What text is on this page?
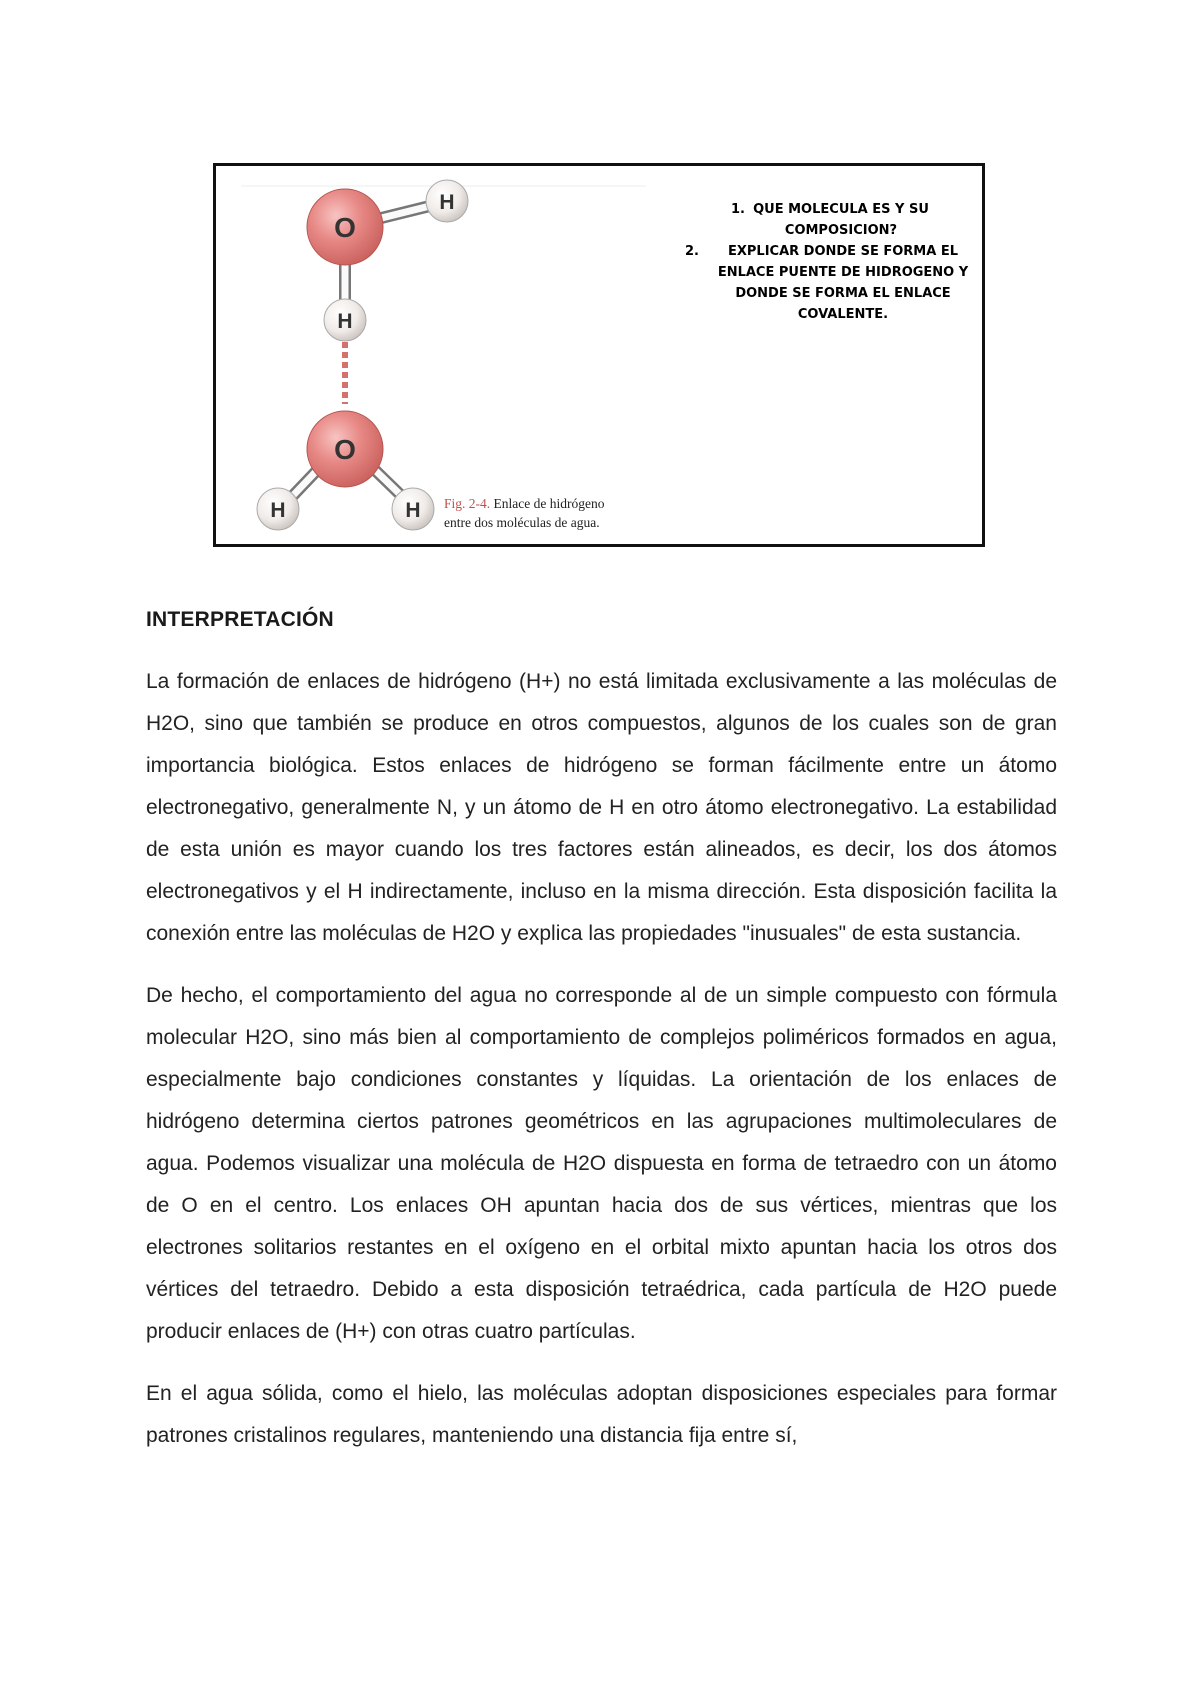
O
H
H
O
H	H Fig. 2-4. Enlace de hidrógeno
entre dos moléculas de agua.
1. QUE MOLECULA ES Y SU COMPOSICION?
2. EXPLICAR DONDE SE FORMA EL ENLACE PUENTE DE HIDROGENO Y DONDE SE FORMA EL ENLACE COVALENTE.
INTERPRETACIÓN

La formación de enlaces de hidrógeno (H+) no está limitada exclusivamente a las moléculas de H2O, sino que también se produce en otros compuestos, algunos de los cuales son de gran importancia biológica. Estos enlaces de hidrógeno se forman fácilmente entre un átomo electronegativo, generalmente N, y un átomo de H en otro átomo electronegativo. La estabilidad de esta unión es mayor cuando los tres factores están alineados, es decir, los dos átomos electronegativos y el H indirectamente, incluso en la misma dirección. Esta disposición facilita la conexión entre las moléculas de H2O y explica las propiedades "inusuales" de esta sustancia.

De hecho, el comportamiento del agua no corresponde al de un simple compuesto con fórmula molecular H2O, sino más bien al comportamiento de complejos poliméricos formados en agua, especialmente bajo condiciones constantes y líquidas. La orientación de los enlaces de hidrógeno determina ciertos patrones geométricos en las agrupaciones multimoleculares de agua. Podemos visualizar una molécula de H2O dispuesta en forma de tetraedro con un átomo de O en el centro. Los enlaces OH apuntan hacia dos de sus vértices, mientras que los electrones solitarios restantes en el oxígeno en el orbital mixto apuntan hacia los otros dos vértices del tetraedro. Debido a esta disposición tetraédrica, cada partícula de H2O puede producir enlaces de (H+) con otras cuatro partículas.

En el agua sólida, como el hielo, las moléculas adoptan disposiciones especiales para formar patrones cristalinos regulares, manteniendo una distancia fija entre sí,
